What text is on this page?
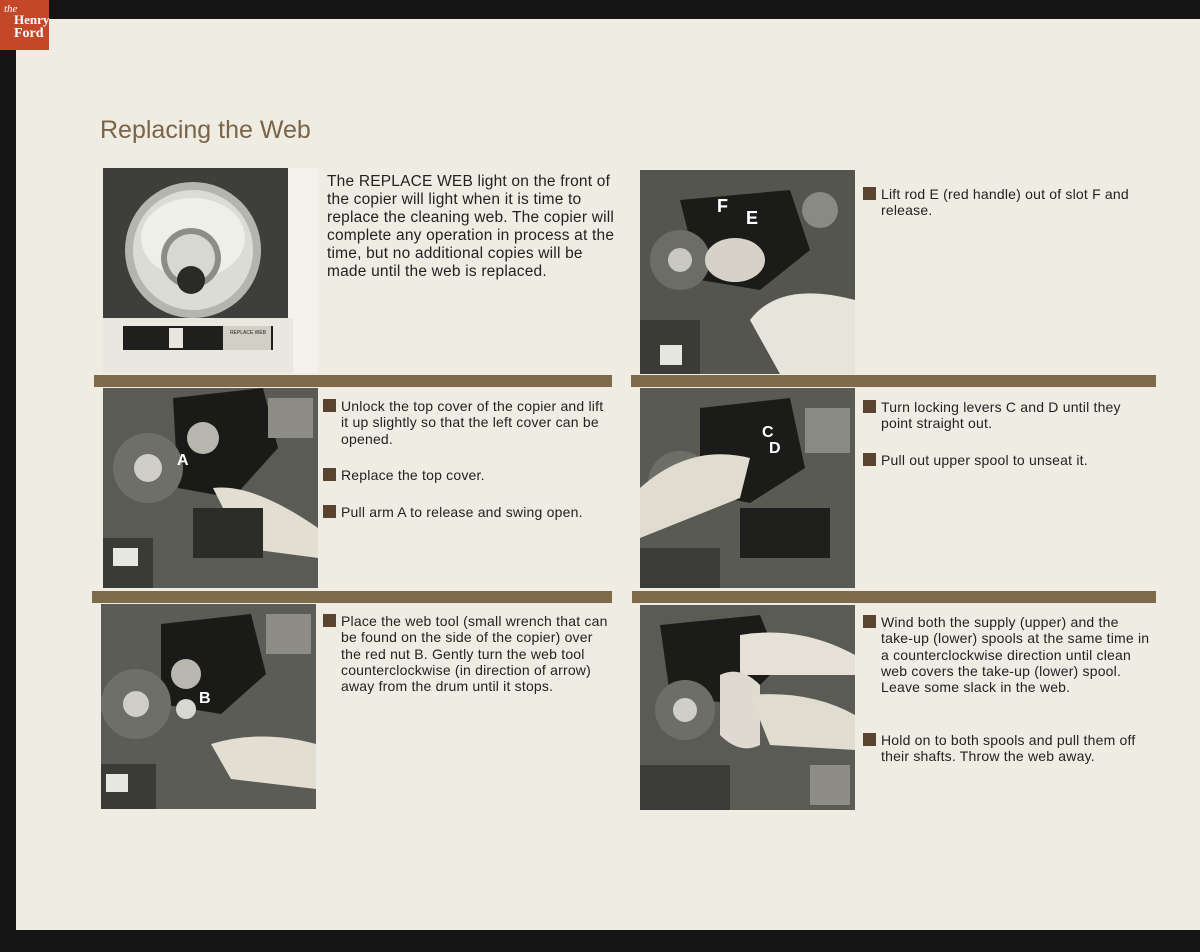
the
Henry
Ford
Replacing the Web
REPLACE WEB
The REPLACE WEB light on the front of the copier will light when it is time to replace the cleaning web. The copier will complete any operation in process at the time, but no additional copies will be made until the web is replaced.
F
E
Lift rod E (red handle) out of slot F and release.
A
Unlock the top cover of the copier and lift it up slightly so that the left cover can be opened.
Replace the top cover.
Pull arm A to release and swing open.
C
D
Turn locking levers C and D until they point straight out.
Pull out upper spool to unseat it.
B
Place the web tool (small wrench that can be found on the side of the copier) over the red nut B. Gently turn the web tool counterclockwise (in direction of arrow) away from the drum until it stops.
Wind both the supply (upper) and the take-up (lower) spools at the same time in a counterclockwise direction until clean web covers the take-up (lower) spool. Leave some slack in the web.
Hold on to both spools and pull them off their shafts. Throw the web away.
